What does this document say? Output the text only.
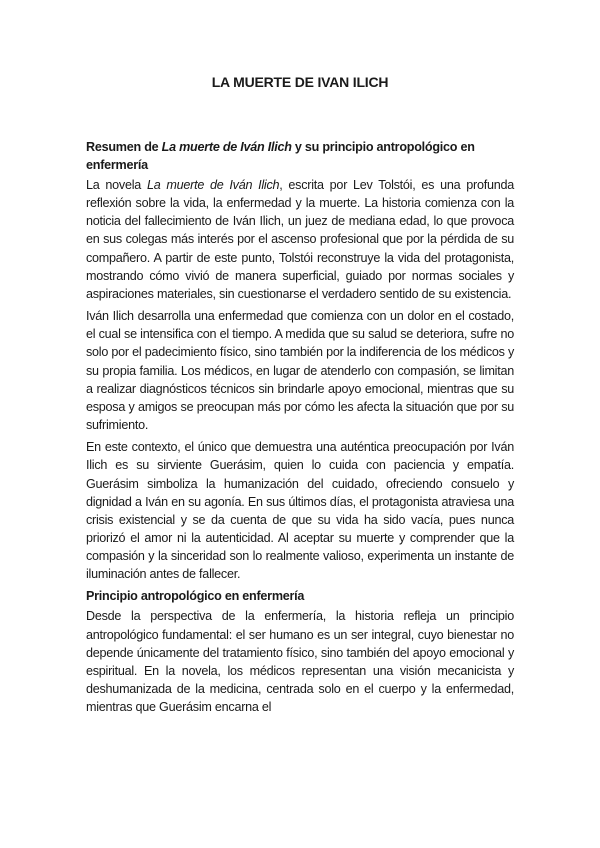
LA MUERTE DE IVAN ILICH
Resumen de La muerte de Iván Ilich y su principio antropológico en enfermería

La novela La muerte de Iván Ilich, escrita por Lev Tolstói, es una profunda reflexión sobre la vida, la enfermedad y la muerte. La historia comienza con la noticia del fallecimiento de Iván Ilich, un juez de mediana edad, lo que provoca en sus colegas más interés por el ascenso profesional que por la pérdida de su compañero. A partir de este punto, Tolstói reconstruye la vida del protagonista, mostrando cómo vivió de manera superficial, guiado por normas sociales y aspiraciones materiales, sin cuestionarse el verdadero sentido de su existencia.

Iván Ilich desarrolla una enfermedad que comienza con un dolor en el costado, el cual se intensifica con el tiempo. A medida que su salud se deteriora, sufre no solo por el padecimiento físico, sino también por la indiferencia de los médicos y su propia familia. Los médicos, en lugar de atenderlo con compasión, se limitan a realizar diagnósticos técnicos sin brindarle apoyo emocional, mientras que su esposa y amigos se preocupan más por cómo les afecta la situación que por su sufrimiento.

En este contexto, el único que demuestra una auténtica preocupación por Iván Ilich es su sirviente Guerásim, quien lo cuida con paciencia y empatía. Guerásim simboliza la humanización del cuidado, ofreciendo consuelo y dignidad a Iván en su agonía. En sus últimos días, el protagonista atraviesa una crisis existencial y se da cuenta de que su vida ha sido vacía, pues nunca priorizó el amor ni la autenticidad. Al aceptar su muerte y comprender que la compasión y la sinceridad son lo realmente valioso, experimenta un instante de iluminación antes de fallecer.

Principio antropológico en enfermería

Desde la perspectiva de la enfermería, la historia refleja un principio antropológico fundamental: el ser humano es un ser integral, cuyo bienestar no depende únicamente del tratamiento físico, sino también del apoyo emocional y espiritual. En la novela, los médicos representan una visión mecanicista y deshumanizada de la medicina, centrada solo en el cuerpo y la enfermedad, mientras que Guerásim encarna el
